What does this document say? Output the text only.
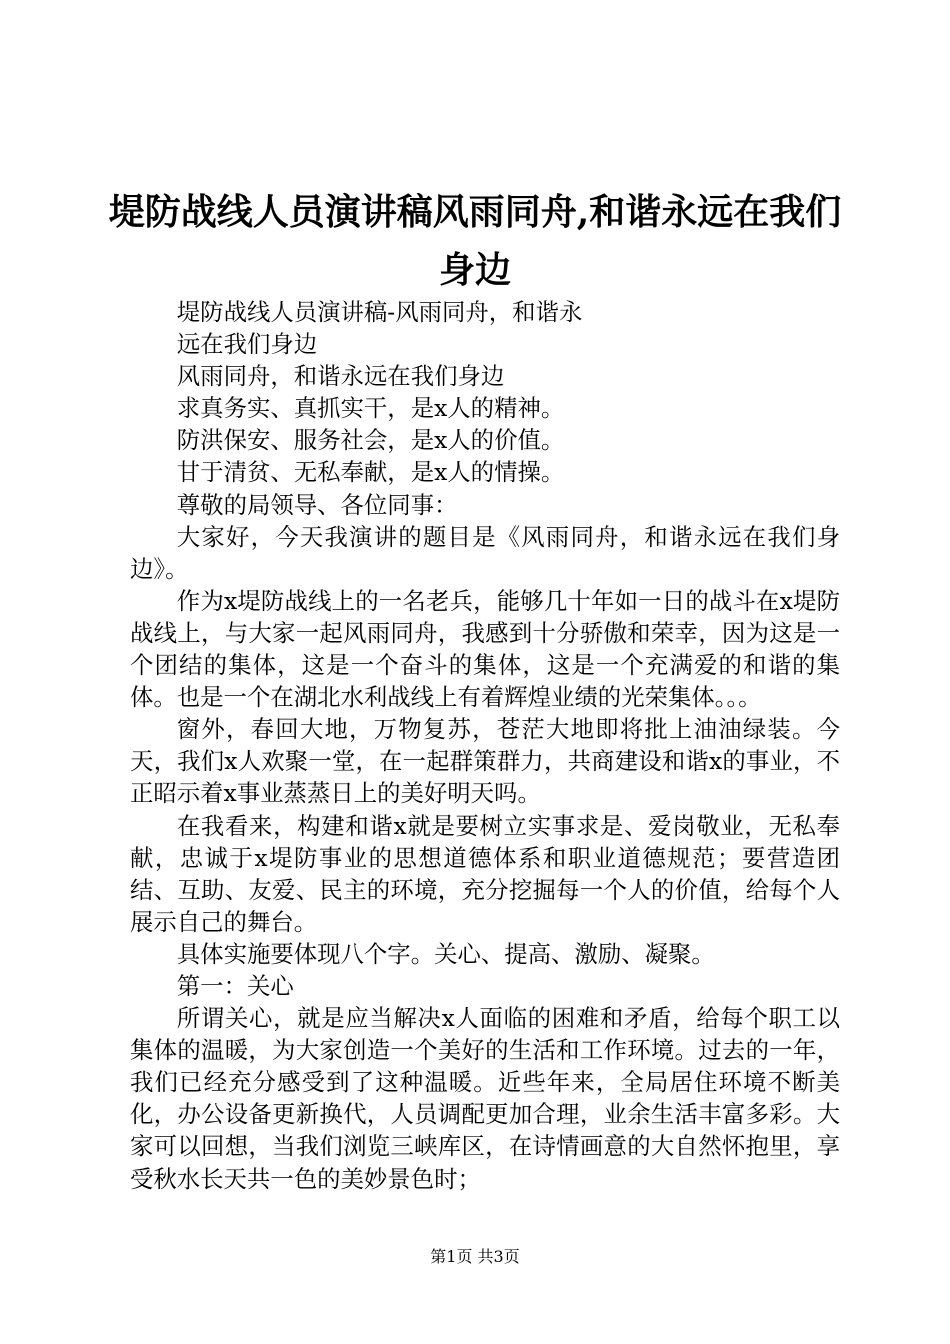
堤防战线人员演讲稿风雨同舟,和谐永远在我们身边

堤防战线人员演讲稿-风雨同舟，和谐永

远在我们身边

风雨同舟，和谐永远在我们身边

求真务实、真抓实干，是x人的精神。

防洪保安、服务社会，是x人的价值。

甘于清贫、无私奉献，是x人的情操。

尊敬的局领导、各位同事：

大家好，今天我演讲的题目是《风雨同舟，和谐永远在我们身边》。

作为x堤防战线上的一名老兵，能够几十年如一日的战斗在x堤防战线上，与大家一起风雨同舟，我感到十分骄傲和荣幸，因为这是一个团结的集体，这是一个奋斗的集体，这是一个充满爱的和谐的集体。也是一个在湖北水利战线上有着辉煌业绩的光荣集体。。。

窗外，春回大地，万物复苏，苍茫大地即将批上油油绿装。今天，我们x人欢聚一堂，在一起群策群力，共商建设和谐x的事业，不正昭示着x事业蒸蒸日上的美好明天吗。

在我看来，构建和谐x就是要树立实事求是、爱岗敬业，无私奉献，忠诚于x堤防事业的思想道德体系和职业道德规范；要营造团结、互助、友爱、民主的环境，充分挖掘每一个人的价值，给每个人展示自己的舞台。

具体实施要体现八个字。关心、提高、激励、凝聚。

第一：关心

所谓关心，就是应当解决x人面临的困难和矛盾，给每个职工以集体的温暖，为大家创造一个美好的生活和工作环境。过去的一年，我们已经充分感受到了这种温暖。近些年来，全局居住环境不断美化，办公设备更新换代，人员调配更加合理，业余生活丰富多彩。大家可以回想，当我们浏览三峡库区，在诗情画意的大自然怀抱里，享受秋水长天共一色的美妙景色时；

第1页 共3页
